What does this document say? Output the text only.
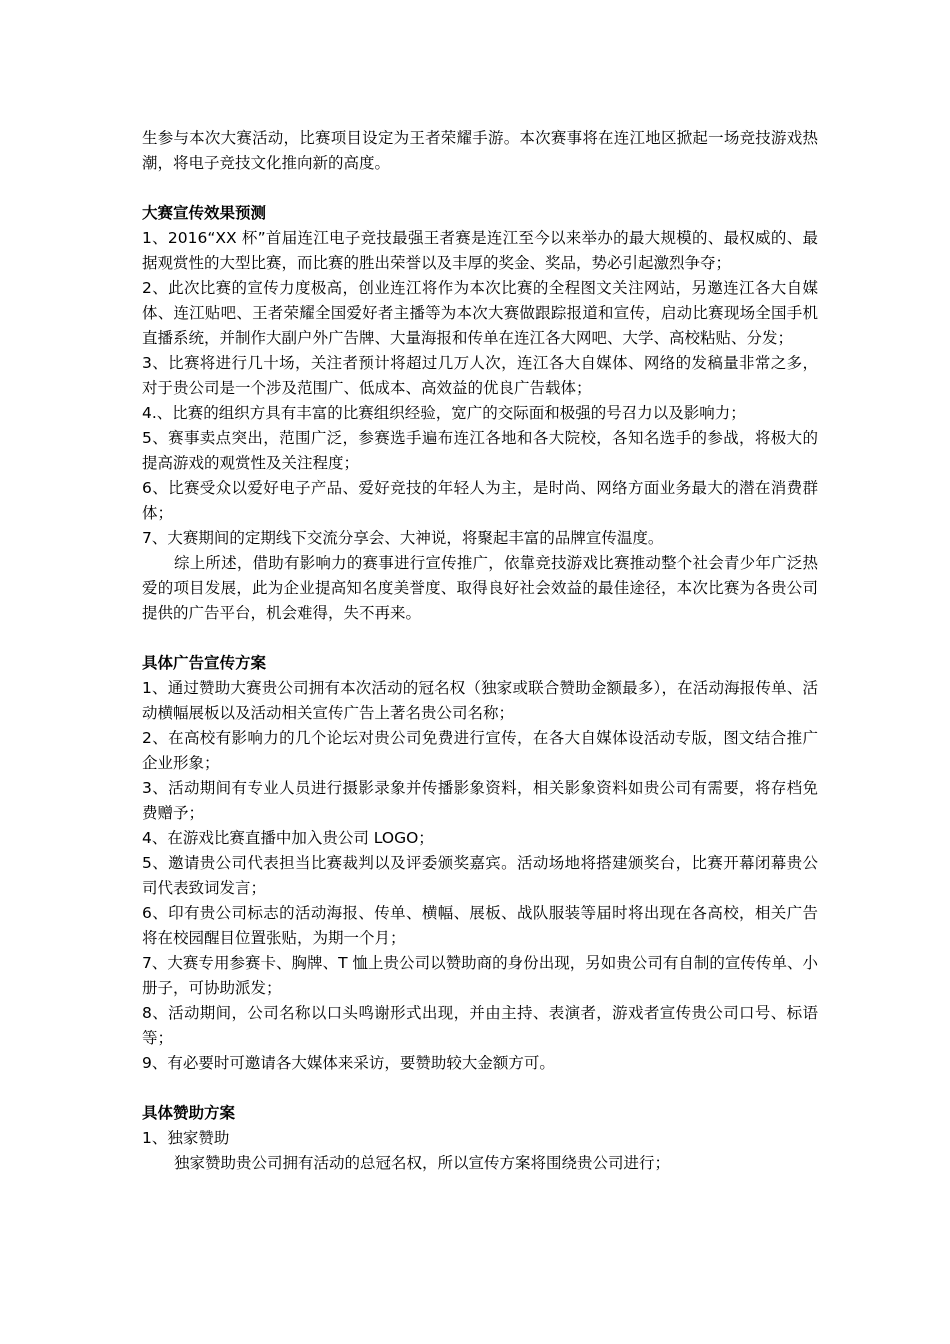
生参与本次大赛活动，比赛项目设定为王者荣耀手游。本次赛事将在连江地区掀起一场竞技游戏热潮，将电子竞技文化推向新的高度。

大赛宣传效果预测

1、2016“XX 杯”首届连江电子竞技最强王者赛是连江至今以来举办的最大规模的、最权威的、最据观赏性的大型比赛，而比赛的胜出荣誉以及丰厚的奖金、奖品，势必引起激烈争夺；

2、此次比赛的宣传力度极高，创业连江将作为本次比赛的全程图文关注网站，另邀连江各大自媒体、连江贴吧、王者荣耀全国爱好者主播等为本次大赛做跟踪报道和宣传，启动比赛现场全国手机直播系统，并制作大副户外广告牌、大量海报和传单在连江各大网吧、大学、高校粘贴、分发；

3、比赛将进行几十场，关注者预计将超过几万人次，连江各大自媒体、网络的发稿量非常之多，对于贵公司是一个涉及范围广、低成本、高效益的优良广告载体；

4.、比赛的组织方具有丰富的比赛组织经验，宽广的交际面和极强的号召力以及影响力；

5、赛事卖点突出，范围广泛，参赛选手遍布连江各地和各大院校，各知名选手的参战，将极大的提高游戏的观赏性及关注程度；

6、比赛受众以爱好电子产品、爱好竞技的年轻人为主，是时尚、网络方面业务最大的潜在消费群体；

7、大赛期间的定期线下交流分享会、大神说，将聚起丰富的品牌宣传温度。

综上所述，借助有影响力的赛事进行宣传推广，依靠竞技游戏比赛推动整个社会青少年广泛热爱的项目发展，此为企业提高知名度美誉度、取得良好社会效益的最佳途径，本次比赛为各贵公司提供的广告平台，机会难得，失不再来。

具体广告宣传方案

1、通过赞助大赛贵公司拥有本次活动的冠名权（独家或联合赞助金额最多），在活动海报传单、活动横幅展板以及活动相关宣传广告上著名贵公司名称；

2、在高校有影响力的几个论坛对贵公司免费进行宣传，在各大自媒体设活动专版，图文结合推广企业形象；

3、活动期间有专业人员进行摄影录象并传播影象资料，相关影象资料如贵公司有需要，将存档免费赠予；

4、在游戏比赛直播中加入贵公司 LOGO；

5、邀请贵公司代表担当比赛裁判以及评委颁奖嘉宾。活动场地将搭建颁奖台，比赛开幕闭幕贵公司代表致词发言；

6、印有贵公司标志的活动海报、传单、横幅、展板、战队服装等届时将出现在各高校，相关广告将在校园醒目位置张贴，为期一个月；

7、大赛专用参赛卡、胸牌、T 恤上贵公司以赞助商的身份出现，另如贵公司有自制的宣传传单、小册子，可协助派发；

8、活动期间，公司名称以口头鸣谢形式出现，并由主持、表演者，游戏者宣传贵公司口号、标语等；

9、有必要时可邀请各大媒体来采访，要赞助较大金额方可。

具体赞助方案

1、独家赞助

独家赞助贵公司拥有活动的总冠名权，所以宣传方案将围绕贵公司进行；
